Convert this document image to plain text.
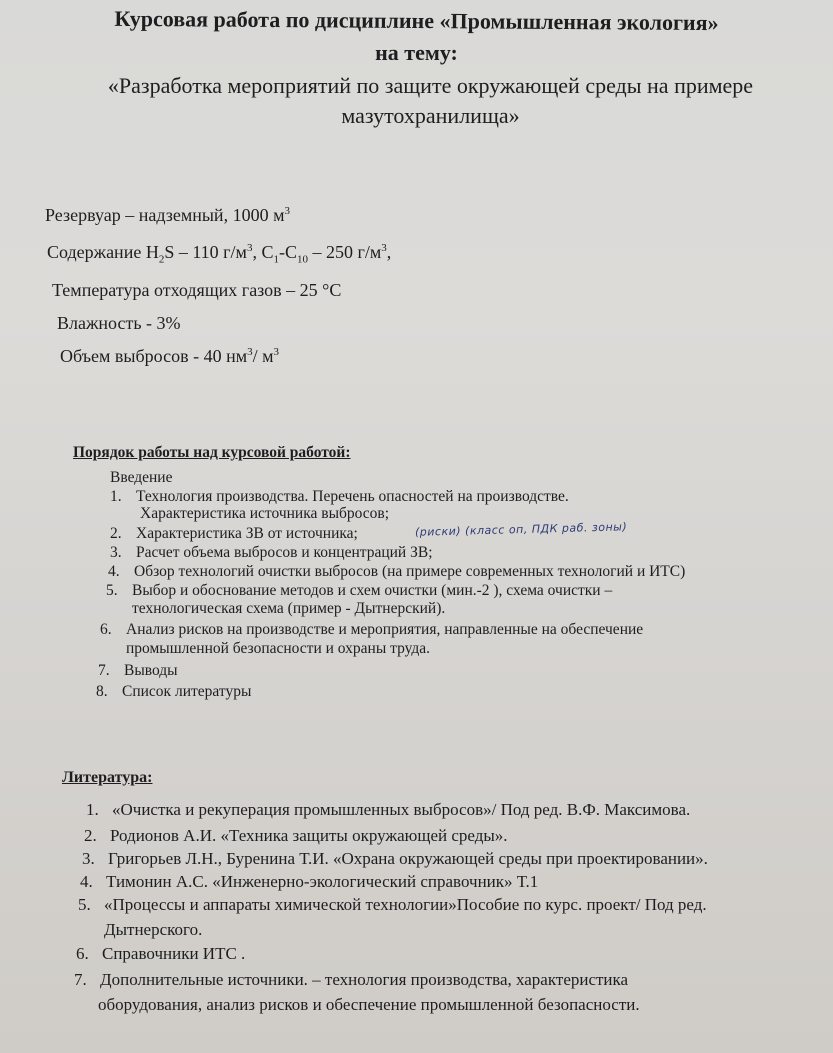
Курсовая работа по дисциплине «Промышленная экология»
на тему:
«Разработка мероприятий по защите окружающей среды на примере
мазутохранилища»
Резервуар – надземный, 1000 $м^3$
Содержание $H_2S - 110$ $г/м^3$, $C_1-C_{10} - 250$ $г/м^3$,
Температура отходящих газов – 25 °С
Влажность - 3%
Объем выбросов - 40 $нм^3/$ $м^3$
Порядок работы над курсовой работой:
Введение
1. Технология производства. Перечень опасностей на производстве.
Характеристика источника выбросов;
2. Характеристика ЗВ от источника;	(риски) (класс оп, ПДК раб. зоны)
3. Расчет объема выбросов и концентраций ЗВ;
4. Обзор технологий очистки выбросов (на примере современных технологий и ИТС)
5. Выбор и обоснование методов и схем очистки (мин.-2 ), схема очистки –
технологическая схема (пример - Дытнерский).
6. Анализ рисков на производстве и мероприятия, направленные на обеспечение
промышленной безопасности и охраны труда.
7. Выводы
8. Список литературы
Литература:
1. «Очистка и рекуперация промышленных выбросов»/ Под ред. В.Ф. Максимова.
2. Родионов А.И. «Техника защиты окружающей среды».
3. Григорьев Л.Н., Буренина Т.И. «Охрана окружающей среды при проектировании».
4. Тимонин А.С. «Инженерно-экологический справочник» Т.1
5. «Процессы и аппараты химической технологии»Пособие по курс. проект/ Под ред.
Дытнерского.
6. Справочники ИТС .
7. Дополнительные источники. – технология производства, характеристика
оборудования, анализ рисков и обеспечение промышленной безопасности.
